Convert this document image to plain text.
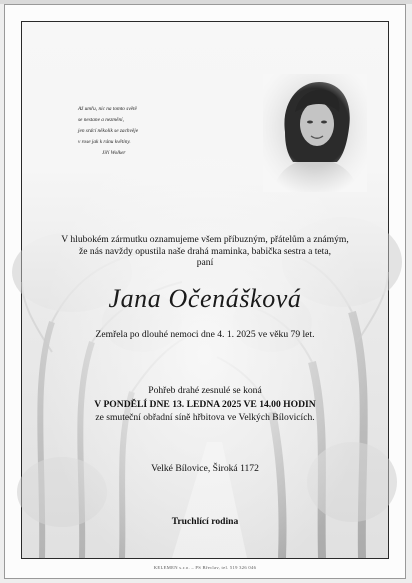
Až umřu, nic na tomto světě
se nestane a nezmění,
jen srdcí několik se zachvěje
v rose jak k ránu květiny.
Jiří Wolker
V hlubokém zármutku oznamujeme všem příbuzným, přátelům a známým,
že nás navždy opustila naše drahá maminka, babička sestra a teta,
paní
Jana Očenášková
Zemřela po dlouhé nemoci dne 4. 1. 2025 ve věku 79 let.
Pohřeb drahé zesnulé se koná
V PONDĚLÍ DNE 13. LEDNA 2025 VE 14.00 HODIN
ze smuteční obřadní síně hřbitova ve Velkých Bílovicích.
Velké Bílovice, Široká 1172
Truchlící rodina
KELEMEN s.r.o. – PS Břeclav, tel. 519 326 046
